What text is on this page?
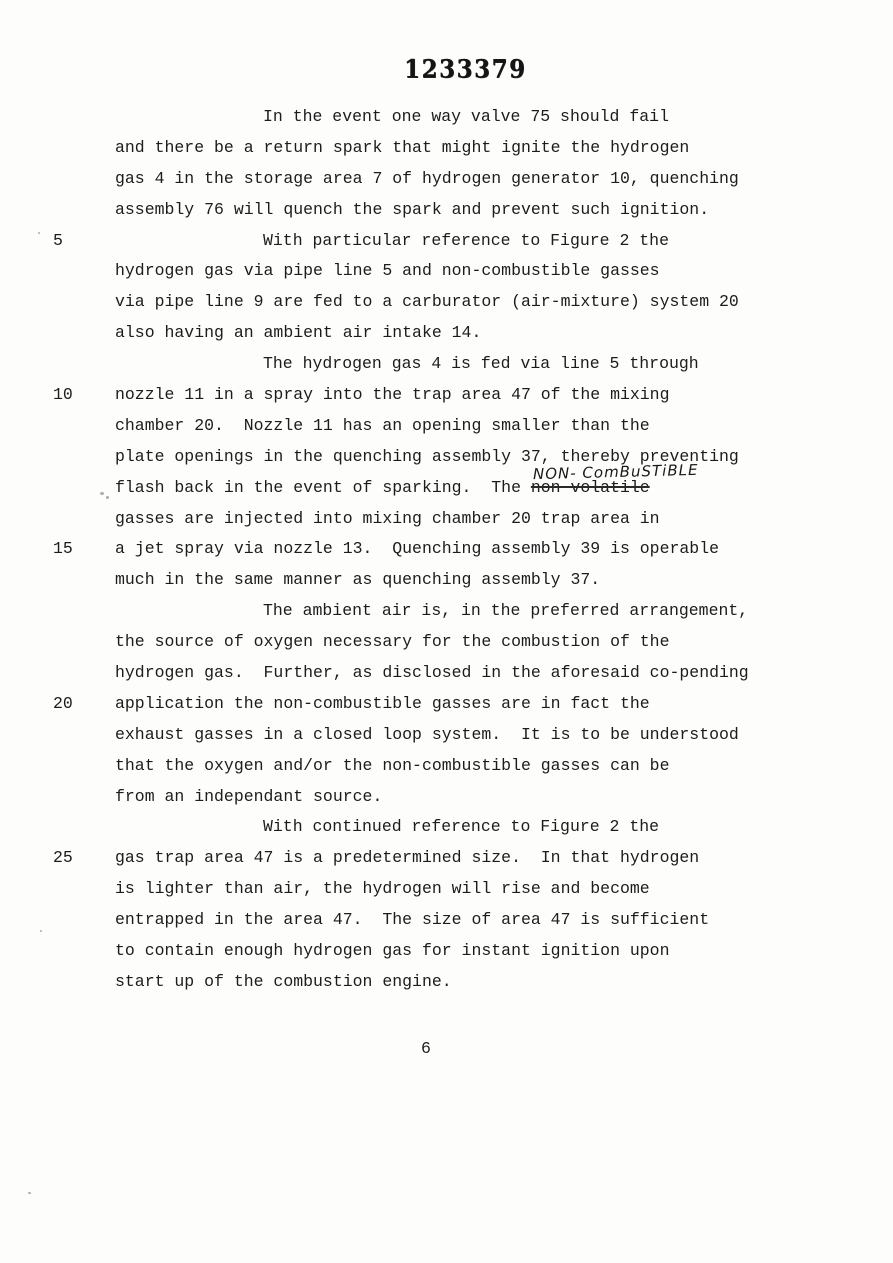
1233379
In the event one way valve 75 should fail
and there be a return spark that might ignite the hydrogen
gas 4 in the storage area 7 of hydrogen generator 10, quenching
assembly 76 will quench the spark and prevent such ignition.
5	With particular reference to Figure 2 the
hydrogen gas via pipe line 5 and non-combustible gasses
via pipe line 9 are fed to a carburator (air-mixture) system 20
also having an ambient air intake 14.
The hydrogen gas 4 is fed via line 5 through
10	nozzle 11 in a spray into the trap area 47 of the mixing
chamber 20.  Nozzle 11 has an opening smaller than the
plate openings in the quenching assembly 37, thereby preventing
flash back in the event of sparking.  The non-volatile
NON- ComBuSTiBLE
gasses are injected into mixing chamber 20 trap area in
15	a jet spray via nozzle 13.  Quenching assembly 39 is operable
much in the same manner as quenching assembly 37.
The ambient air is, in the preferred arrangement,
the source of oxygen necessary for the combustion of the
hydrogen gas.  Further, as disclosed in the aforesaid co-pending
20	application the non-combustible gasses are in fact the
exhaust gasses in a closed loop system.  It is to be understood
that the oxygen and/or the non-combustible gasses can be
from an independant source.
With continued reference to Figure 2 the
25	gas trap area 47 is a predetermined size.  In that hydrogen
is lighter than air, the hydrogen will rise and become
entrapped in the area 47.  The size of area 47 is sufficient
to contain enough hydrogen gas for instant ignition upon
start up of the combustion engine.
6
